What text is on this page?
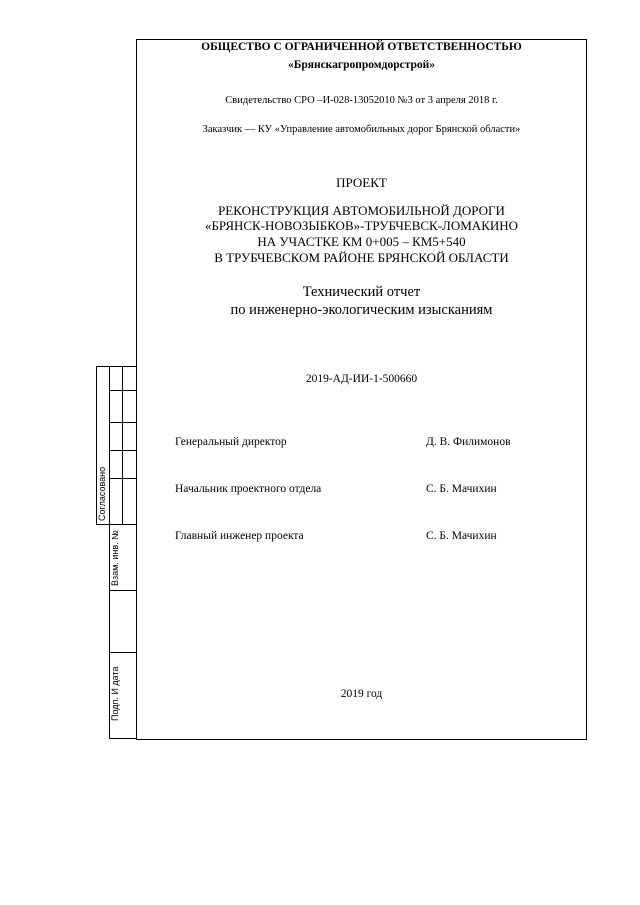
ОБЩЕСТВО С ОГРАНИЧЕННОЙ ОТВЕТСТВЕННОСТЬЮ
«Брянскагропромдорстрой»
Свидетельство СРО –И-028-13052010 №3 от 3 апреля 2018 г.
Заказчик — КУ «Управление автомобильных дорог Брянской области»
ПРОЕКТ
РЕКОНСТРУКЦИЯ АВТОМОБИЛЬНОЙ ДОРОГИ
«БРЯНСК-НОВОЗЫБКОВ»-ТРУБЧЕВСК-ЛОМАКИНО
НА УЧАСТКЕ КМ 0+005 – КМ5+540
В ТРУБЧЕВСКОМ РАЙОНЕ БРЯНСКОЙ ОБЛАСТИ
Технический отчет
по инженерно-экологическим изысканиям
2019-АД-ИИ-1-500660
Генеральный директор	Д. В. Филимонов
Начальник проектного отдела	С. Б. Мачихин
Главный инженер проекта	С. Б. Мачихин
2019 год
Согласовано
Взам. инв. №
Подп. И дата
